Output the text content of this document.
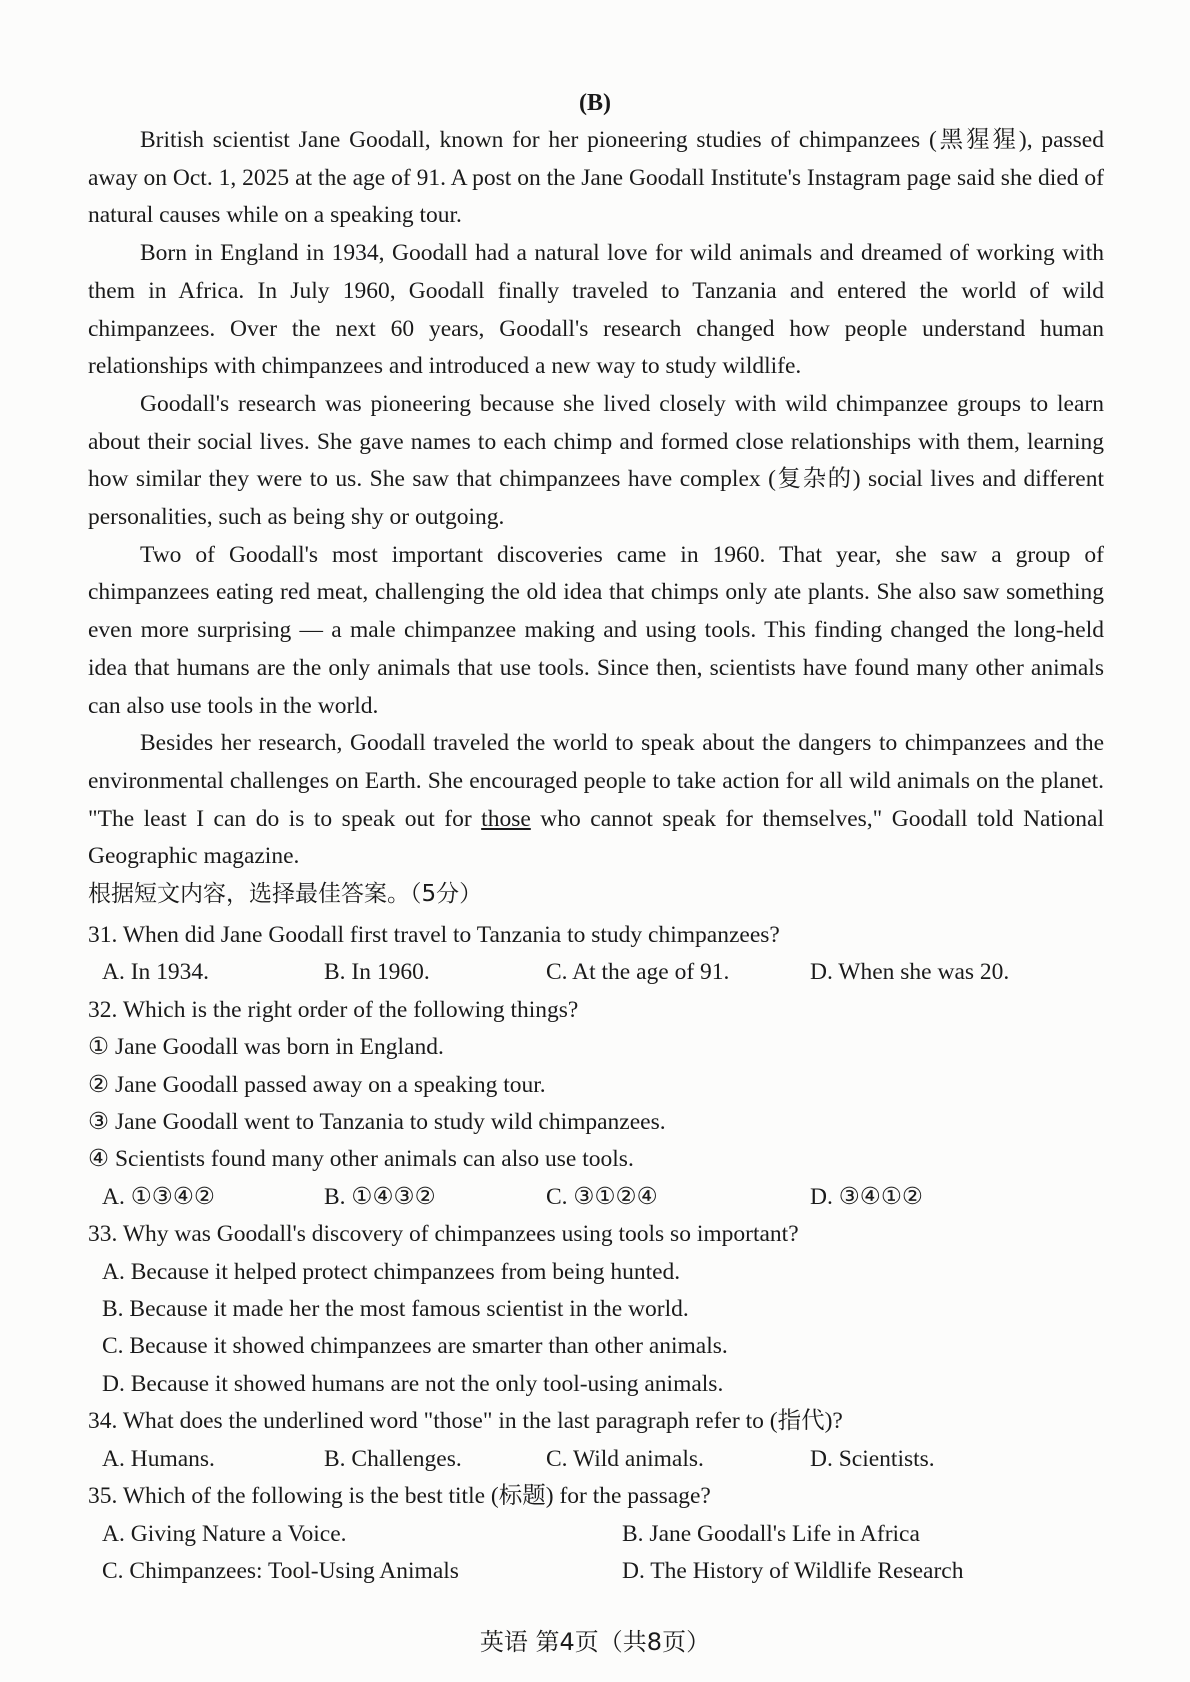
(B)

British scientist Jane Goodall, known for her pioneering studies of chimpanzees (黑猩猩), passed away on Oct. 1, 2025 at the age of 91. A post on the Jane Goodall Institute's Instagram page said she died of natural causes while on a speaking tour.

Born in England in 1934, Goodall had a natural love for wild animals and dreamed of working with them in Africa. In July 1960, Goodall finally traveled to Tanzania and entered the world of wild chimpanzees. Over the next 60 years, Goodall's research changed how people understand human relationships with chimpanzees and introduced a new way to study wildlife.

Goodall's research was pioneering because she lived closely with wild chimpanzee groups to learn about their social lives. She gave names to each chimp and formed close relationships with them, learning how similar they were to us. She saw that chimpanzees have complex (复杂的) social lives and different personalities, such as being shy or outgoing.

Two of Goodall's most important discoveries came in 1960. That year, she saw a group of chimpanzees eating red meat, challenging the old idea that chimps only ate plants. She also saw something even more surprising — a male chimpanzee making and using tools. This finding changed the long-held idea that humans are the only animals that use tools. Since then, scientists have found many other animals can also use tools in the world.

Besides her research, Goodall traveled the world to speak about the dangers to chimpanzees and the environmental challenges on Earth. She encouraged people to take action for all wild animals on the planet. "The least I can do is to speak out for those who cannot speak for themselves," Goodall told National Geographic magazine.

根据短文内容，选择最佳答案。（5分）
31. When did Jane Goodall first travel to Tanzania to study chimpanzees?
A. In 1934.	B. In 1960.	C. At the age of 91.	D. When she was 20.
32. Which is the right order of the following things?
① Jane Goodall was born in England.
② Jane Goodall passed away on a speaking tour.
③ Jane Goodall went to Tanzania to study wild chimpanzees.
④ Scientists found many other animals can also use tools.
A. ①③④②	B. ①④③②	C. ③①②④	D. ③④①②
33. Why was Goodall's discovery of chimpanzees using tools so important?
A. Because it helped protect chimpanzees from being hunted.
B. Because it made her the most famous scientist in the world.
C. Because it showed chimpanzees are smarter than other animals.
D. Because it showed humans are not the only tool-using animals.
34. What does the underlined word "those" in the last paragraph refer to (指代)?
A. Humans.	B. Challenges.	C. Wild animals.	D. Scientists.
35. Which of the following is the best title (标题) for the passage?
A. Giving Nature a Voice.	B. Jane Goodall's Life in Africa
C. Chimpanzees: Tool-Using Animals	D. The History of Wildlife Research
英语 第4页（共8页）
